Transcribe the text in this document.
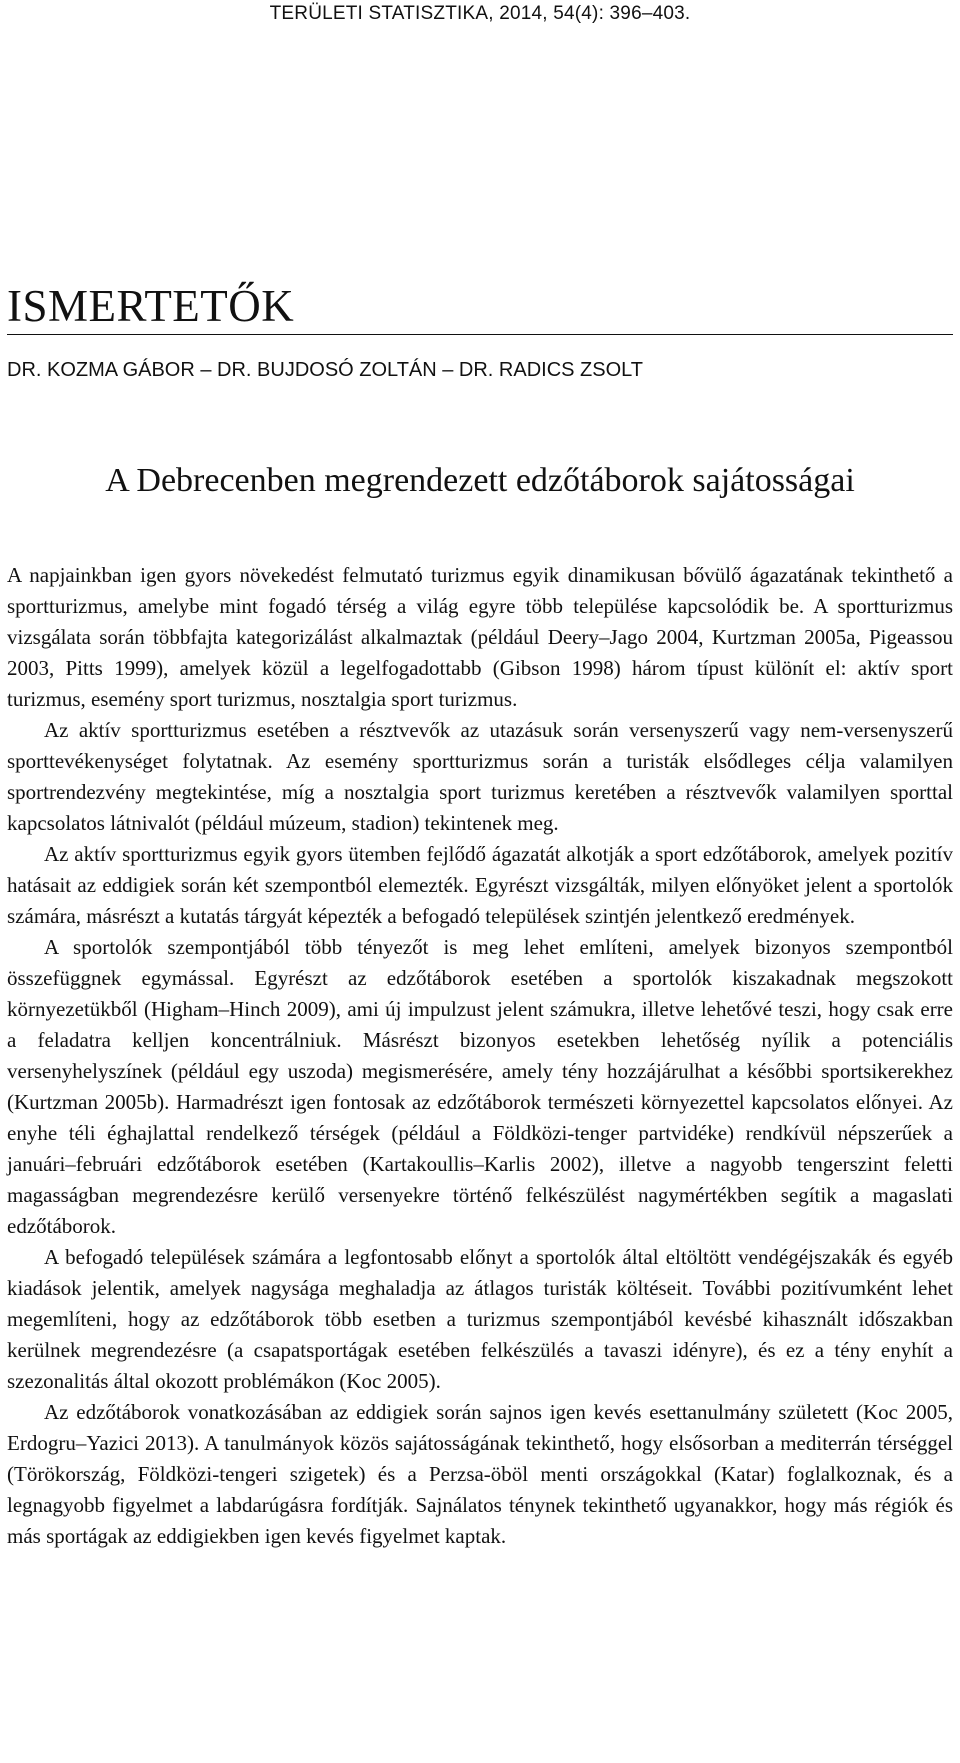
TERÜLETI STATISZTIKA, 2014, 54(4): 396–403.
ISMERTETŐK
DR. KOZMA GÁBOR – DR. BUJDOSÓ ZOLTÁN – DR. RADICS ZSOLT
A Debrecenben megrendezett edzőtáborok sajátosságai

A napjainkban igen gyors növekedést felmutató turizmus egyik dinamikusan bővülő ágazatának tekinthető a sportturizmus, amelybe mint fogadó térség a világ egyre több települése kapcsolódik be. A sportturizmus vizsgálata során többfajta kategorizálást alkalmaztak (például Deery–Jago 2004, Kurtzman 2005a, Pigeassou 2003, Pitts 1999), amelyek közül a legelfogadottabb (Gibson 1998) három típust különít el: aktív sport turizmus, esemény sport turizmus, nosztalgia sport turizmus.

Az aktív sportturizmus esetében a résztvevők az utazásuk során versenyszerű vagy nem-versenyszerű sporttevékenységet folytatnak. Az esemény sportturizmus során a turisták elsődleges célja valamilyen sportrendezvény megtekintése, míg a nosztalgia sport turizmus keretében a résztvevők valamilyen sporttal kapcsolatos látnivalót (például múzeum, stadion) tekintenek meg.

Az aktív sportturizmus egyik gyors ütemben fejlődő ágazatát alkotják a sport edzőtáborok, amelyek pozitív hatásait az eddigiek során két szempontból elemezték. Egyrészt vizsgálták, milyen előnyöket jelent a sportolók számára, másrészt a kutatás tárgyát képezték a befogadó települések szintjén jelentkező eredmények.

A sportolók szempontjából több tényezőt is meg lehet említeni, amelyek bizonyos szempontból összefüggnek egymással. Egyrészt az edzőtáborok esetében a sportolók kiszakadnak megszokott környezetükből (Higham–Hinch 2009), ami új impulzust jelent számukra, illetve lehetővé teszi, hogy csak erre a feladatra kelljen koncentrálniuk. Másrészt bizonyos esetekben lehetőség nyílik a potenciális versenyhelyszínek (például egy uszoda) megismerésére, amely tény hozzájárulhat a későbbi sportsikerekhez (Kurtzman 2005b). Harmadrészt igen fontosak az edzőtáborok természeti környezettel kapcsolatos előnyei. Az enyhe téli éghajlattal rendelkező térségek (például a Földközi-tenger partvidéke) rendkívül népszerűek a januári–februári edzőtáborok esetében (Kartakoullis–Karlis 2002), illetve a nagyobb tengerszint feletti magasságban megrendezésre kerülő versenyekre történő felkészülést nagymértékben segítik a magaslati edzőtáborok.

A befogadó települések számára a legfontosabb előnyt a sportolók által eltöltött vendégéjszakák és egyéb kiadások jelentik, amelyek nagysága meghaladja az átlagos turisták költéseit. További pozitívumként lehet megemlíteni, hogy az edzőtáborok több esetben a turizmus szempontjából kevésbé kihasznált időszakban kerülnek megrendezésre (a csapatsportágak esetében felkészülés a tavaszi idényre), és ez a tény enyhít a szezonalitás által okozott problémákon (Koc 2005).

Az edzőtáborok vonatkozásában az eddigiek során sajnos igen kevés esettanulmány született (Koc 2005, Erdogru–Yazici 2013). A tanulmányok közös sajátosságának tekinthető, hogy elsősorban a mediterrán térséggel (Törökország, Földközi-tengeri szigetek) és a Perzsa-öböl menti országokkal (Katar) foglalkoznak, és a legnagyobb figyelmet a labdarúgásra fordítják. Sajnálatos ténynek tekinthető ugyanakkor, hogy más régiók és más sportágak az eddigiekben igen kevés figyelmet kaptak.
